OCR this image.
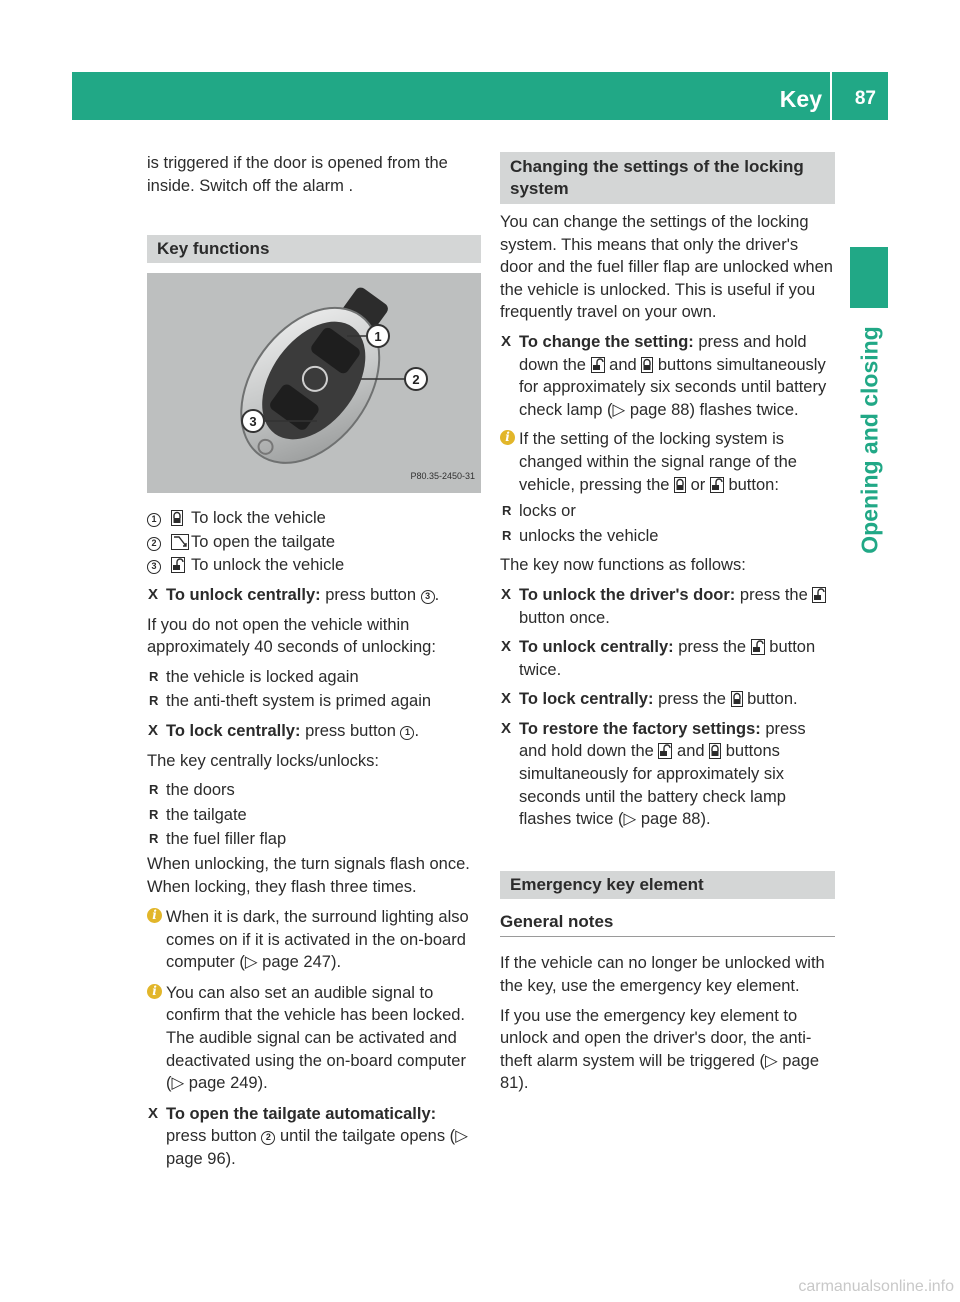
Key 87
Opening and closing

is triggered if the door is opened from the inside. Switch off the alarm .

Key functions
1
2
3
P80.35-2450-31
1 To lock the vehicle
2 To open the tailgate
3 To unlock the vehicle
X To unlock centrally: press button 3 .

If you do not open the vehicle within approximately 40 seconds of unlocking:

R the vehicle is locked again
R the anti-theft system is primed again
X To lock centrally: press button 1 .

The key centrally locks/unlocks:

R the doors
R the tailgate
R the fuel filler flap

When unlocking, the turn signals flash once. When locking, they flash three times.

i When it is dark, the surround lighting also comes on if it is activated in the on-board computer (▷ page 247).
i You can also set an audible signal to confirm that the vehicle has been locked. The audible signal can be activated and deactivated using the on-board computer (▷ page 249).
X To open the tailgate automatically: press button 2 until the tailgate opens (▷ page 96).
Changing the settings of the locking
system

You can change the settings of the locking system. This means that only the driver's door and the fuel filler flap are unlocked when the vehicle is unlocked. This is useful if you frequently travel on your own.

X To change the setting: press and hold down the  and  buttons simultaneously for approximately six seconds until battery check lamp (▷ page 88) flashes twice.
i If the setting of the locking system is changed within the signal range of the vehicle, pressing the  or  button:
R locks or
R unlocks the vehicle

The key now functions as follows:

X To unlock the driver's door: press the  button once.
X To unlock centrally: press the  button twice.
X To lock centrally: press the  button.
X To restore the factory settings: press and hold down the  and  buttons simultaneously for approximately six seconds until the battery check lamp flashes twice (▷ page 88).
Emergency key element
General notes

If the vehicle can no longer be unlocked with the key, use the emergency key element.

If you use the emergency key element to unlock and open the driver's door, the anti-theft alarm system will be triggered (▷ page 81).

carmanualsonline.info
